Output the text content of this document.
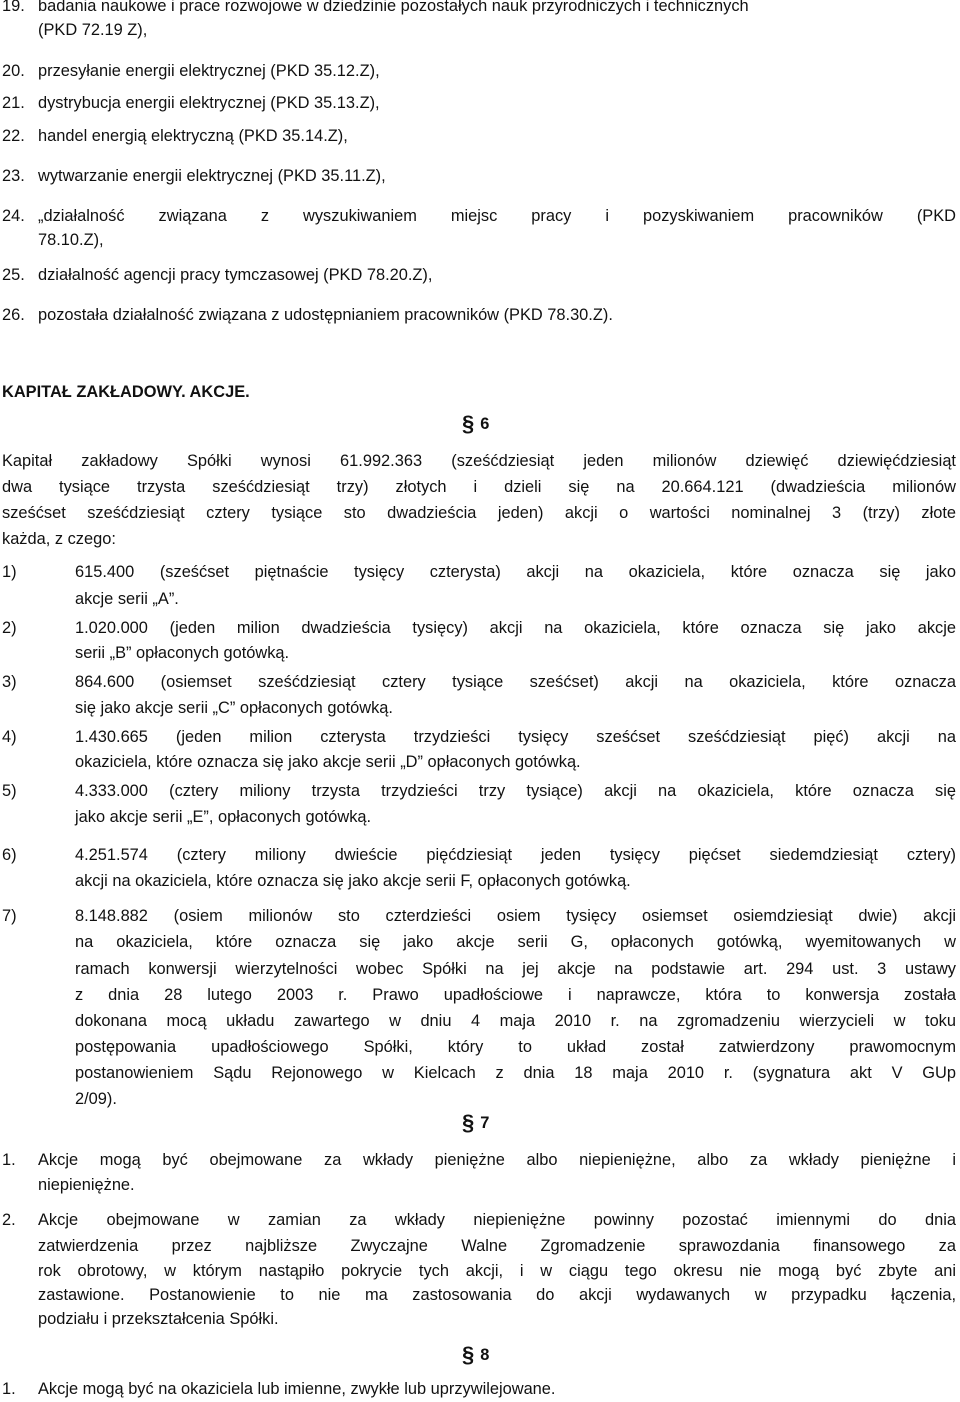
19. badania naukowe i prace rozwojowe w dziedzinie pozostałych nauk przyrodniczych i technicznych
(PKD 72.19 Z),
20. przesyłanie energii elektrycznej (PKD 35.12.Z),
21. dystrybucja energii elektrycznej (PKD 35.13.Z),
22. handel energią elektryczną (PKD 35.14.Z),
23. wytwarzanie energii elektrycznej (PKD 35.11.Z),
24. „działalność związana z wyszukiwaniem miejsc pracy i pozyskiwaniem pracowników (PKD
78.10.Z),
25. działalność agencji pracy tymczasowej (PKD 78.20.Z),
26. pozostała działalność związana z udostępnianiem pracowników (PKD 78.30.Z).
KAPITAŁ ZAKŁADOWY. AKCJE.
§ 6
Kapitał zakładowy Spółki wynosi 61.992.363 (sześćdziesiąt jeden milionów dziewięć dziewięćdziesiąt
dwa tysiące trzysta sześćdziesiąt trzy) złotych i dzieli się na 20.664.121 (dwadzieścia milionów
sześćset sześćdziesiąt cztery tysiące sto dwadzieścia jeden) akcji o wartości nominalnej 3 (trzy) złote
każda, z czego:
1)	615.400 (sześćset piętnaście tysięcy czterysta) akcji na okaziciela, które oznacza się jako
akcje serii „A”.
2)	1.020.000 (jeden milion dwadzieścia tysięcy) akcji na okaziciela, które oznacza się jako akcje
serii „B” opłaconych gotówką.
3)	864.600 (osiemset sześćdziesiąt cztery tysiące sześćset) akcji na okaziciela, które oznacza
się jako akcje serii „C” opłaconych gotówką.
4)	1.430.665 (jeden milion czterysta trzydzieści tysięcy sześćset sześćdziesiąt pięć) akcji na
okaziciela, które oznacza się jako akcje serii „D” opłaconych gotówką.
5)	4.333.000 (cztery miliony trzysta trzydzieści trzy tysiące) akcji na okaziciela, które oznacza się
jako akcje serii „E”, opłaconych gotówką.
6)	4.251.574 (cztery miliony dwieście pięćdziesiąt jeden tysięcy pięćset siedemdziesiąt cztery)
akcji na okaziciela, które oznacza się jako akcje serii F, opłaconych gotówką.
7)	8.148.882 (osiem milionów sto czterdzieści osiem tysięcy osiemset osiemdziesiąt dwie) akcji
na okaziciela, które oznacza się jako akcje serii G, opłaconych gotówką, wyemitowanych w
ramach konwersji wierzytelności wobec Spółki na jej akcje na podstawie art. 294 ust. 3 ustawy
z dnia 28 lutego 2003 r. Prawo upadłościowe i naprawcze, która to konwersja została
dokonana mocą układu zawartego w dniu 4 maja 2010 r. na zgromadzeniu wierzycieli w toku
postępowania upadłościowego Spółki, który to układ został zatwierdzony prawomocnym
postanowieniem Sądu Rejonowego w Kielcach z dnia 18 maja 2010 r. (sygnatura akt V GUp
2/09).
§ 7
1. Akcje mogą być obejmowane za wkłady pieniężne albo niepieniężne, albo za wkłady pieniężne i
niepieniężne.
2. Akcje obejmowane w zamian za wkłady niepieniężne powinny pozostać imiennymi do dnia
zatwierdzenia przez najbliższe Zwyczajne Walne Zgromadzenie sprawozdania finansowego za
rok obrotowy, w którym nastąpiło pokrycie tych akcji, i w ciągu tego okresu nie mogą być zbyte ani
zastawione. Postanowienie to nie ma zastosowania do akcji wydawanych w przypadku łączenia,
podziału i przekształcenia Spółki.
§ 8
1. Akcje mogą być na okaziciela lub imienne, zwykłe lub uprzywilejowane.
